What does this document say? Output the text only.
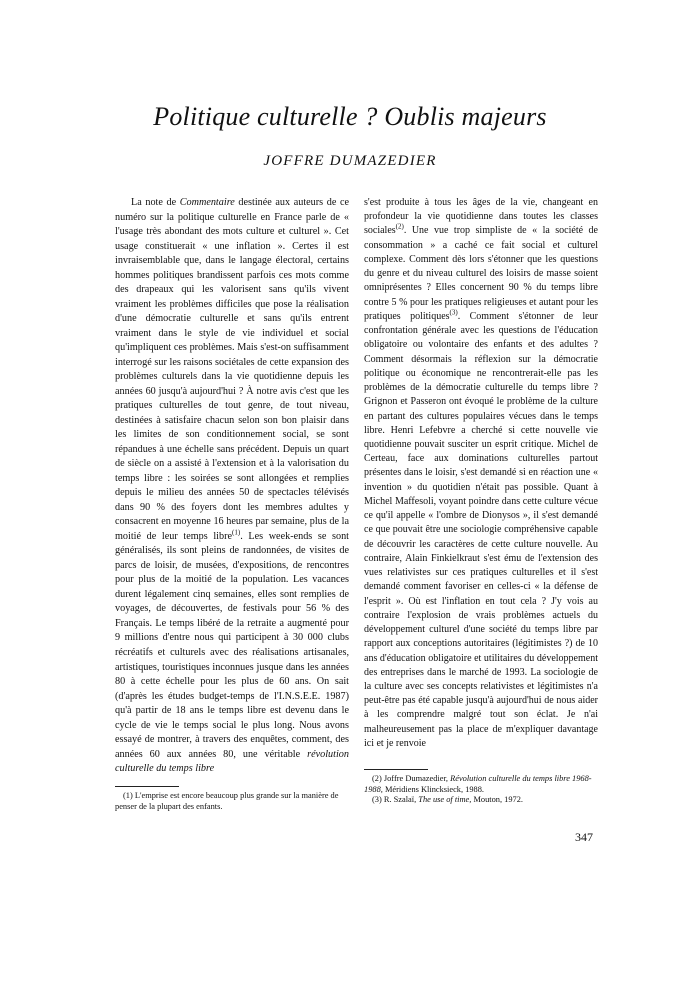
Politique culturelle ? Oublis majeurs
JOFFRE DUMAZEDIER

La note de Commentaire destinée aux auteurs de ce numéro sur la politique culturelle en France parle de « l'usage très abondant des mots culture et culturel ». Cet usage constituerait « une inflation ». Certes il est invraisemblable que, dans le langage électoral, certains hommes politiques brandissent parfois ces mots comme des drapeaux qui les valorisent sans qu'ils vivent vraiment les problèmes difficiles que pose la réalisation d'une démocratie culturelle et sans qu'ils entrent vraiment dans le style de vie individuel et social qu'impliquent ces problèmes. Mais s'est-on suffisamment interrogé sur les raisons sociétales de cette expansion des problèmes culturels dans la vie quotidienne depuis les années 60 jusqu'à aujourd'hui ? À notre avis c'est que les pratiques culturelles de tout genre, de tout niveau, destinées à satisfaire chacun selon son bon plaisir dans les limites de son conditionnement social, se sont répandues à une échelle sans précédent. Depuis un quart de siècle on a assisté à l'extension et à la valorisation du temps libre : les soirées se sont allongées et remplies depuis le milieu des années 50 de spectacles télévisés dans 90 % des foyers dont les membres adultes y consacrent en moyenne 16 heures par semaine, plus de la moitié de leur temps libre$^{(1)}$. Les week-ends se sont généralisés, ils sont pleins de randonnées, de visites de parcs de loisir, de musées, d'expositions, de rencontres pour plus de la moitié de la population. Les vacances durent légalement cinq semaines, elles sont remplies de voyages, de découvertes, de festivals pour 56 % des Français. Le temps libéré de la retraite a augmenté pour 9 millions d'entre nous qui participent à 30 000 clubs récréatifs et culturels avec des réalisations artisanales, artistiques, touristiques inconnues jusque dans les années 80 à cette échelle pour les plus de 60 ans. On sait (d'après les études budget-temps de l'I.N.S.E.E. 1987) qu'à partir de 18 ans le temps libre est devenu dans le cycle de vie le temps social le plus long. Nous avons essayé de montrer, à travers des enquêtes, comment, des années 60 aux années 80, une véritable révolution culturelle du temps libre

s'est produite à tous les âges de la vie, changeant en profondeur la vie quotidienne dans toutes les classes sociales$^{(2)}$. Une vue trop simpliste de « la société de consommation » a caché ce fait social et culturel complexe. Comment dès lors s'étonner que les questions du genre et du niveau culturel des loisirs de masse soient omniprésentes ? Elles concernent 90 % du temps libre contre 5 % pour les pratiques religieuses et autant pour les pratiques politiques$^{(3)}$. Comment s'étonner de leur confrontation générale avec les questions de l'éducation obligatoire ou volontaire des enfants et des adultes ? Comment désormais la réflexion sur la démocratie politique ou économique ne rencontrerait-elle pas les problèmes de la démocratie culturelle du temps libre ? Grignon et Passeron ont évoqué le problème de la culture en partant des cultures populaires vécues dans le temps libre. Henri Lefebvre a cherché si cette nouvelle vie quotidienne pouvait susciter un esprit critique. Michel de Certeau, face aux dominations culturelles partout présentes dans le loisir, s'est demandé si en réaction une « invention » du quotidien n'était pas possible. Quant à Michel Maffesoli, voyant poindre dans cette culture vécue ce qu'il appelle « l'ombre de Dionysos », il s'est demandé ce que pouvait être une sociologie compréhensive capable de découvrir les caractères de cette culture nouvelle. Au contraire, Alain Finkielkraut s'est ému de l'extension des vues relativistes sur ces pratiques culturelles et il s'est demandé comment favoriser en celles-ci « la défense de l'esprit ». Où est l'inflation en tout cela ? J'y vois au contraire l'explosion de vrais problèmes actuels du développement culturel d'une société du temps libre par rapport aux conceptions autoritaires (légitimistes ?) de 10 ans d'éducation obligatoire et utilitaires du développement des entreprises dans le marché de 1993. La sociologie de la culture avec ses concepts relativistes et légitimistes n'a peut-être pas été capable jusqu'à aujourd'hui de nous aider à les comprendre malgré tout son éclat. Je n'ai malheureusement pas la place de m'expliquer davantage ici et je renvoie

(1) L'emprise est encore beaucoup plus grande sur la manière de penser de la plupart des enfants.

(2) Joffre Dumazedier, Révolution culturelle du temps libre 1968-1988, Méridiens Klincksieck, 1988.

(3) R. Szalaï, The use of time, Mouton, 1972.

347
